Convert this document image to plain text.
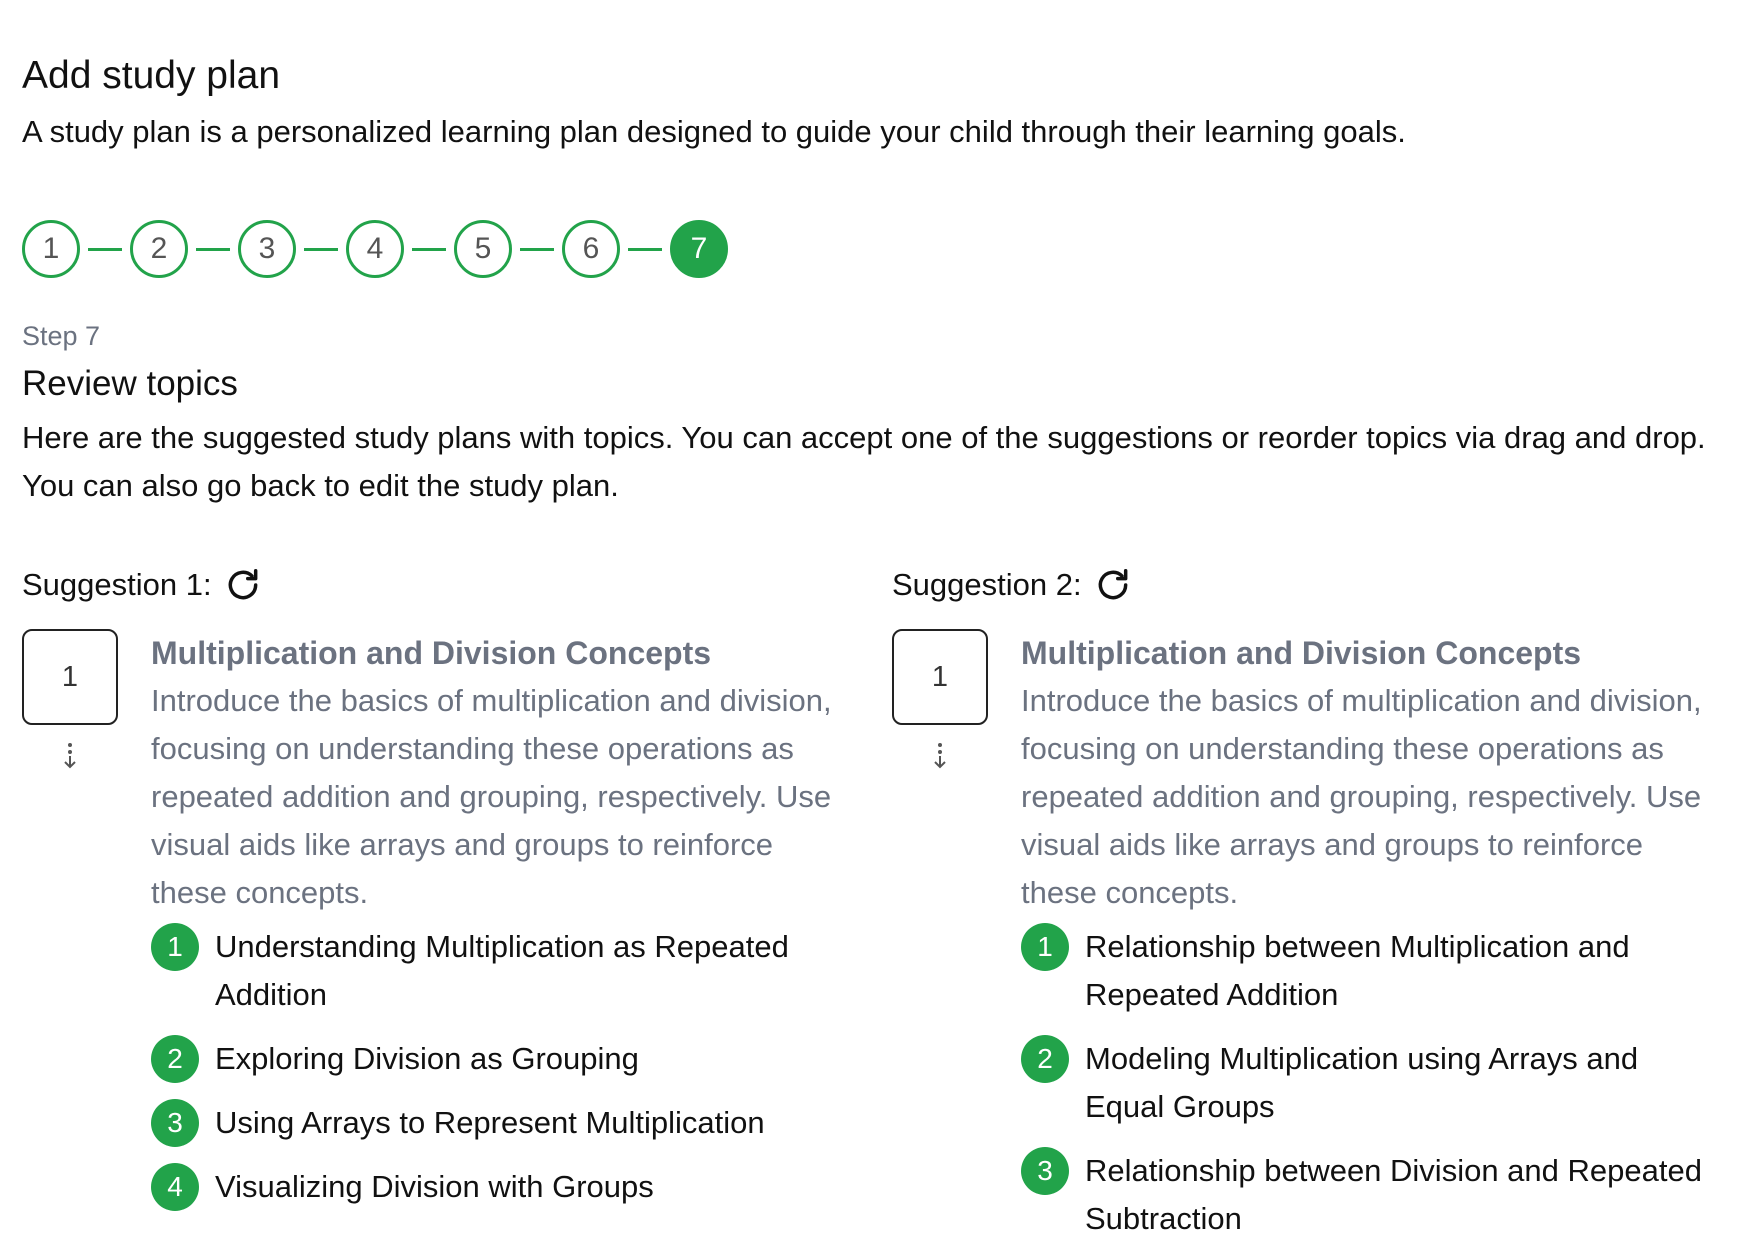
Add study plan
A study plan is a personalized learning plan designed to guide your child through their learning goals.
1	2	3	4	5	6	7
Step 7
Review topics
Here are the suggested study plans with topics. You can accept one of the suggestions or reorder topics via drag and drop. You can also go back to edit the study plan.
Suggestion 1:
1
Multiplication and Division Concepts
Introduce the basics of multiplication and division, focusing on understanding these operations as repeated addition and grouping, respectively. Use visual aids like arrays and groups to reinforce these concepts.
1	Understanding Multiplication as Repeated Addition
2	Exploring Division as Grouping
3	Using Arrays to Represent Multiplication
4	Visualizing Division with Groups
Suggestion 2:
1
Multiplication and Division Concepts
Introduce the basics of multiplication and division, focusing on understanding these operations as repeated addition and grouping, respectively. Use visual aids like arrays and groups to reinforce these concepts.
1	Relationship between Multiplication and Repeated Addition
2	Modeling Multiplication using Arrays and Equal Groups
3	Relationship between Division and Repeated Subtraction
